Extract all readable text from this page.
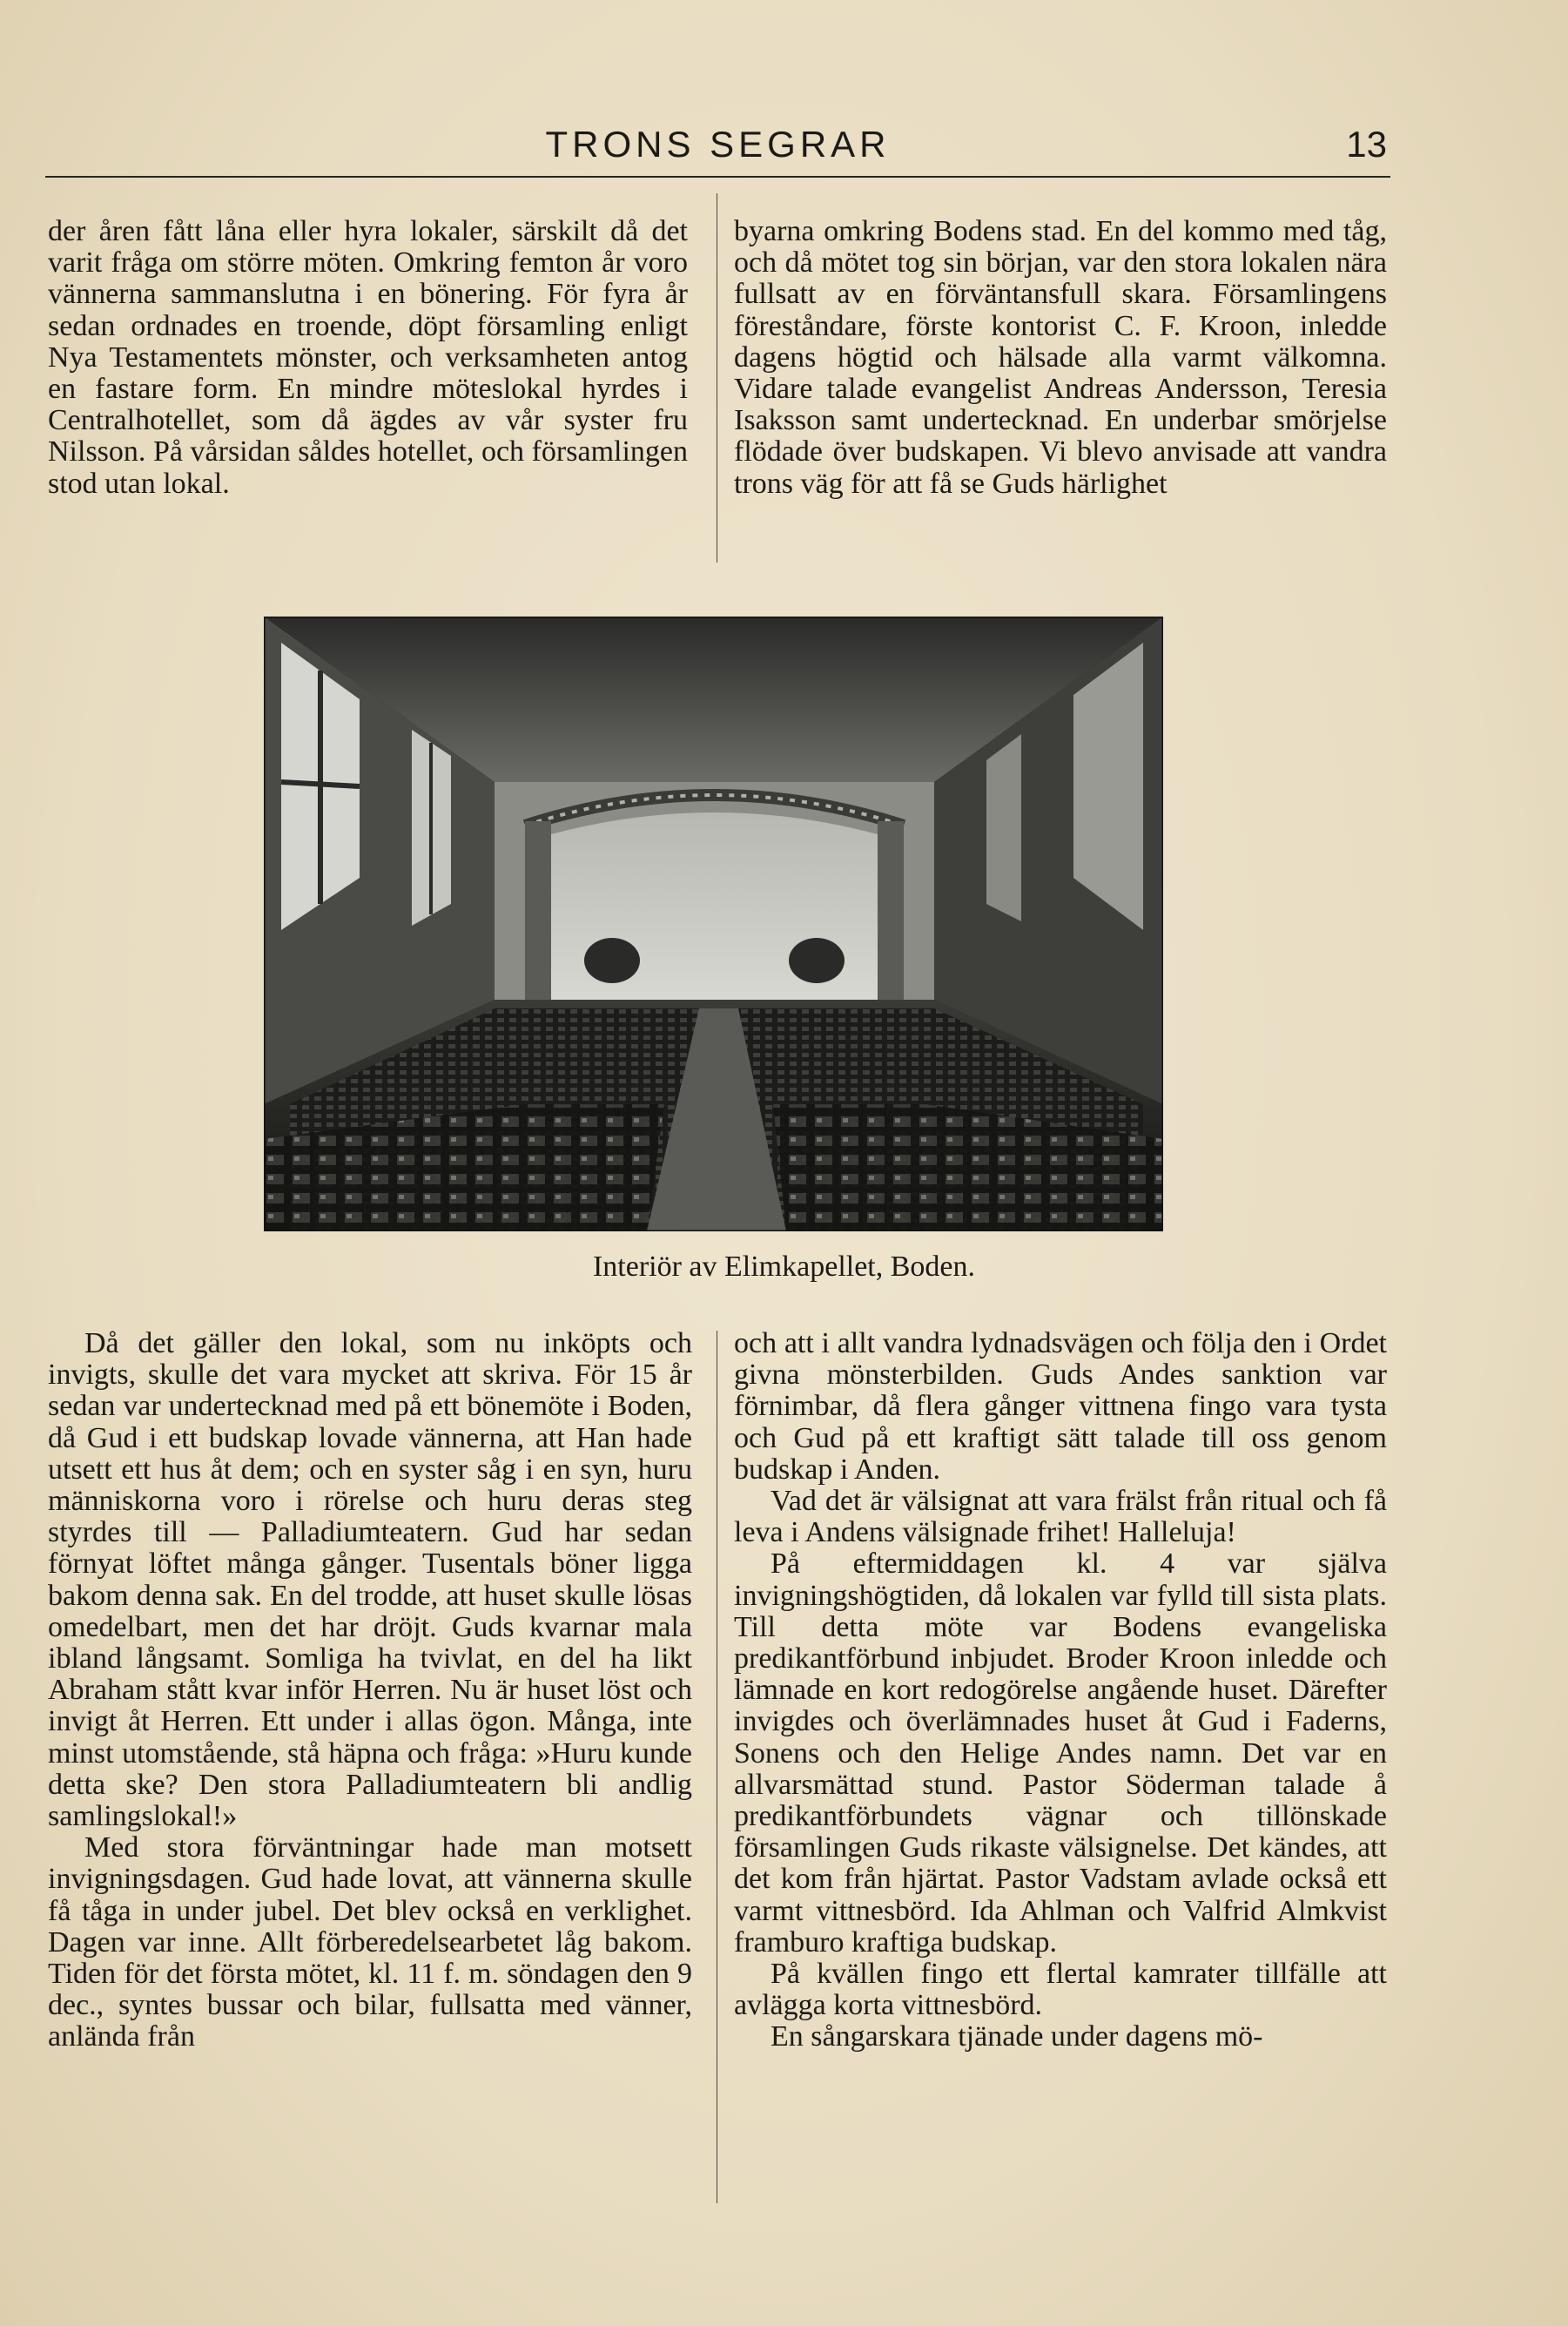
TRONS SEGRAR	13

der åren fått låna eller hyra lokaler, särskilt då det varit fråga om större möten. Omkring femton år voro vännerna sammanslutna i en bönering. För fyra år sedan ordnades en troende, döpt församling enligt Nya Testamentets mönster, och verksamheten antog en fastare form. En mindre möteslokal hyrdes i Centralhotellet, som då ägdes av vår syster fru Nilsson. På vårsidan såldes hotellet, och församlingen stod utan lokal.

byarna omkring Bodens stad. En del kommo med tåg, och då mötet tog sin början, var den stora lokalen nära fullsatt av en förväntansfull skara. Församlingens föreståndare, förste kontorist C. F. Kroon, inledde dagens högtid och hälsade alla varmt välkomna. Vidare talade evangelist Andreas Andersson, Teresia Isaksson samt undertecknad. En underbar smörjelse flödade över budskapen. Vi blevo anvisade att vandra trons väg för att få se Guds härlighet

Interiör av Elimkapellet, Boden.

Då det gäller den lokal, som nu inköpts och invigts, skulle det vara mycket att skriva. För 15 år sedan var undertecknad med på ett bönemöte i Boden, då Gud i ett budskap lovade vännerna, att Han hade utsett ett hus åt dem; och en syster såg i en syn, huru människorna voro i rörelse och huru deras steg styrdes till — Palladiumteatern. Gud har sedan förnyat löftet många gånger. Tusentals böner ligga bakom denna sak. En del trodde, att huset skulle lösas omedelbart, men det har dröjt. Guds kvarnar mala ibland långsamt. Somliga ha tvivlat, en del ha likt Abraham stått kvar inför Herren. Nu är huset löst och invigt åt Herren. Ett under i allas ögon. Många, inte minst utomstående, stå häpna och fråga: »Huru kunde detta ske? Den stora Palladiumteatern bli andlig samlingslokal!»

Med stora förväntningar hade man motsett invigningsdagen. Gud hade lovat, att vännerna skulle få tåga in under jubel. Det blev också en verklighet. Dagen var inne. Allt förberedelsearbetet låg bakom. Tiden för det första mötet, kl. 11 f. m. söndagen den 9 dec., syntes bussar och bilar, fullsatta med vänner, anlända från

och att i allt vandra lydnadsvägen och följa den i Ordet givna mönsterbilden. Guds Andes sanktion var förnimbar, då flera gånger vittnena fingo vara tysta och Gud på ett kraftigt sätt talade till oss genom budskap i Anden.

Vad det är välsignat att vara frälst från ritual och få leva i Andens välsignade frihet! Halleluja!

På eftermiddagen kl. 4 var själva invigningshögtiden, då lokalen var fylld till sista plats. Till detta möte var Bodens evangeliska predikantförbund inbjudet. Broder Kroon inledde och lämnade en kort redogörelse angående huset. Därefter invigdes och överlämnades huset åt Gud i Faderns, Sonens och den Helige Andes namn. Det var en allvarsmättad stund. Pastor Söderman talade å predikantförbundets vägnar och tillönskade församlingen Guds rikaste välsignelse. Det kändes, att det kom från hjärtat. Pastor Vadstam avlade också ett varmt vittnesbörd. Ida Ahlman och Valfrid Almkvist framburo kraftiga budskap.

På kvällen fingo ett flertal kamrater tillfälle att avlägga korta vittnesbörd.

En sångarskara tjänade under dagens mö-
